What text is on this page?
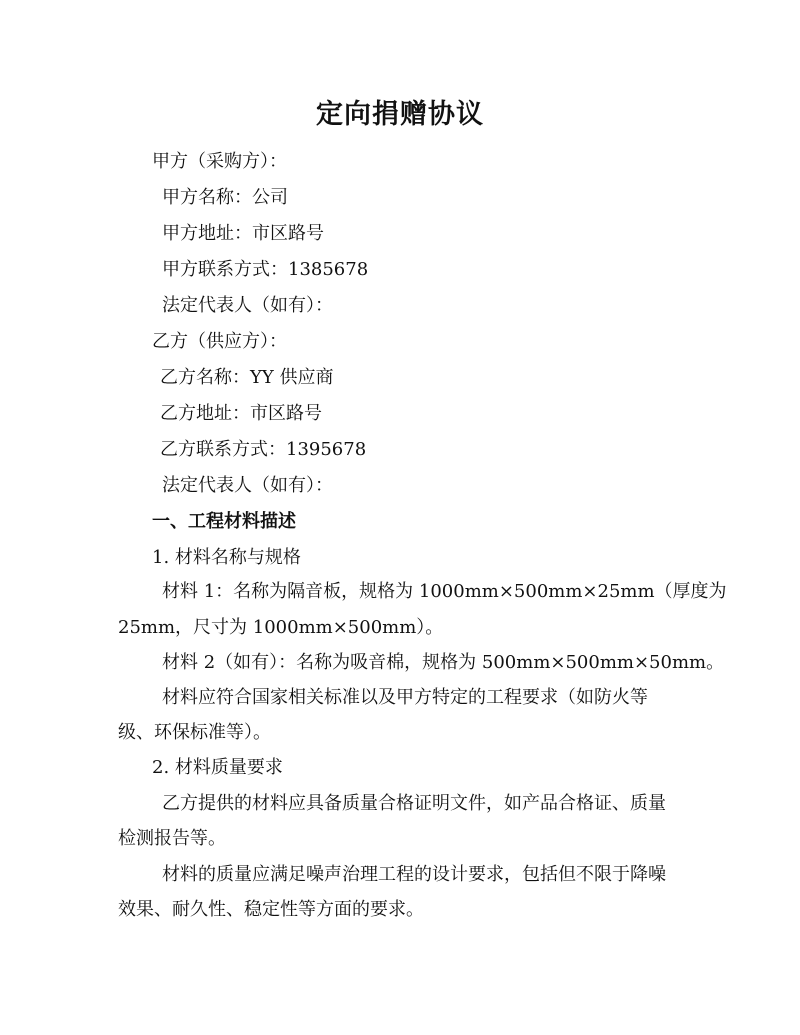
定向捐赠协议
甲方（采购方）：
甲方名称：公司
甲方地址：市区路号
甲方联系方式：1385678
法定代表人（如有）：
乙方（供应方）：
乙方名称：YY 供应商
乙方地址：市区路号
乙方联系方式：1395678
法定代表人（如有）：
一、工程材料描述
1. 材料名称与规格
材料 1：名称为隔音板，规格为 1000mm×500mm×25mm（厚度为
25mm，尺寸为 1000mm×500mm）。
材料 2（如有）：名称为吸音棉，规格为 500mm×500mm×50mm。
材料应符合国家相关标准以及甲方特定的工程要求（如防火等
级、环保标准等）。
2. 材料质量要求
乙方提供的材料应具备质量合格证明文件，如产品合格证、质量
检测报告等。
材料的质量应满足噪声治理工程的设计要求，包括但不限于降噪
效果、耐久性、稳定性等方面的要求。
